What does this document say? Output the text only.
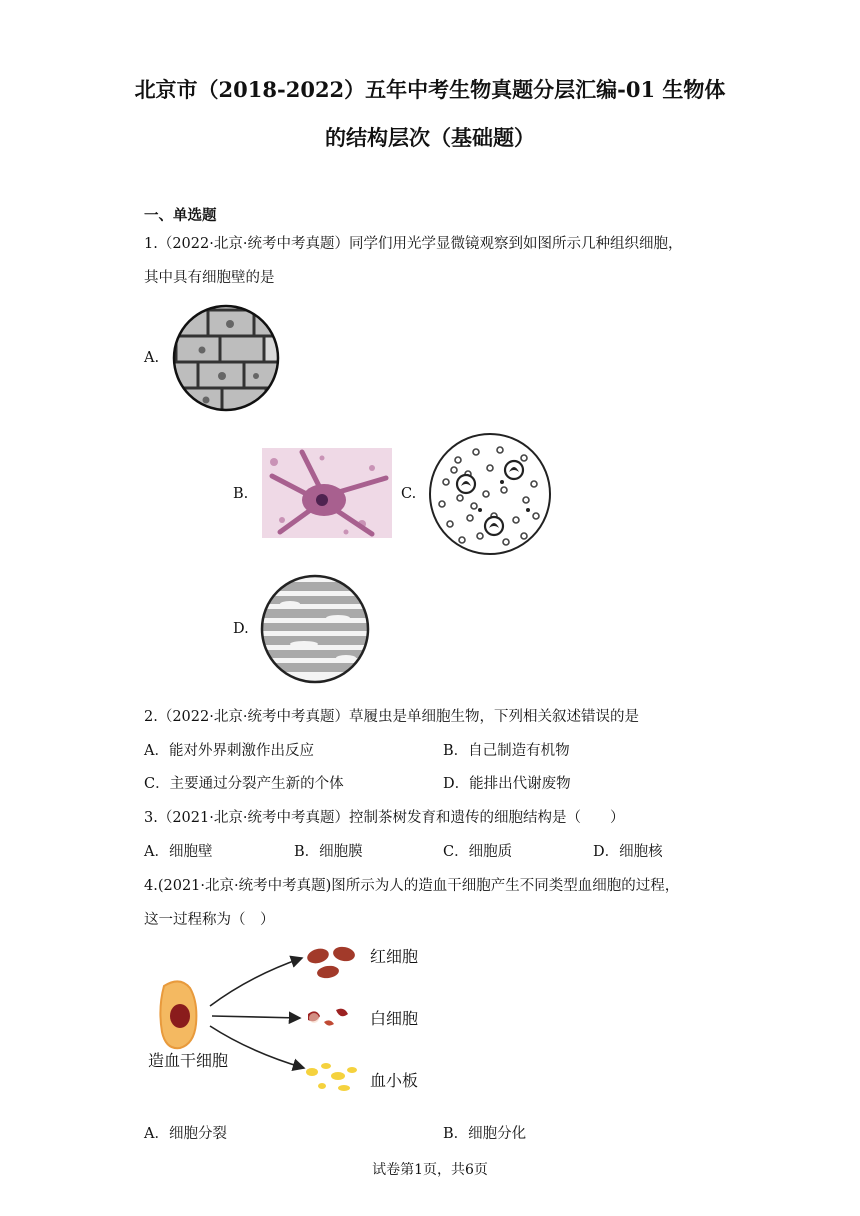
北京市（2018-2022）五年中考生物真题分层汇编-01 生物体
的结构层次（基础题）
一、单选题
1.（2022·北京·统考中考真题）同学们用光学显微镜观察到如图所示几种组织细胞，
其中具有细胞壁的是
A.
B.	C.
D.
2.（2022·北京·统考中考真题）草履虫是单细胞生物，下列相关叙述错误的是
A．能对外界刺激作出反应	B．自己制造有机物
C．主要通过分裂产生新的个体	D．能排出代谢废物
3.（2021·北京·统考中考真题）控制茶树发育和遗传的细胞结构是（　　）
A．细胞壁	B．细胞膜	C．细胞质	D．细胞核
4.(2021·北京·统考中考真题)图所示为人的造血干细胞产生不同类型血细胞的过程，
这一过程称为（　）
红细胞
白细胞
血小板
造血干细胞
A．细胞分裂	B．细胞分化
试卷第1页，共6页
